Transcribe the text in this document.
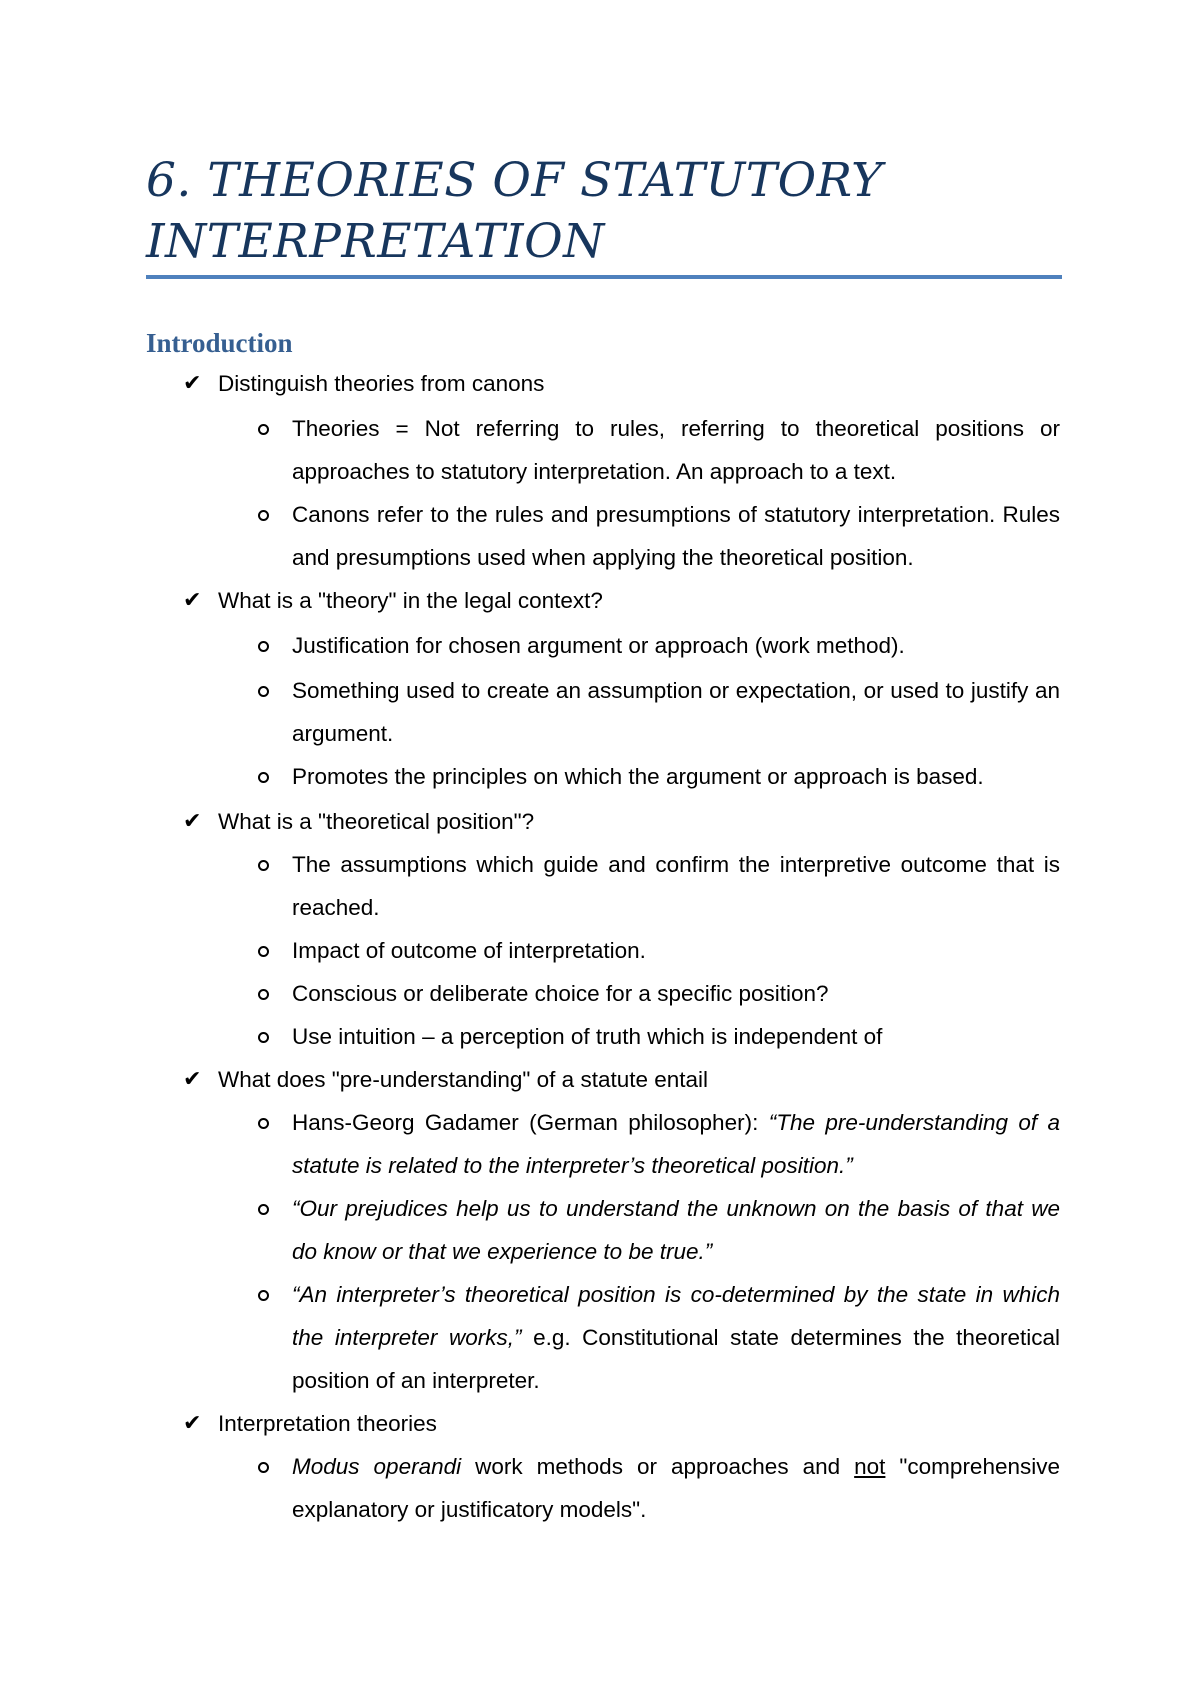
6. THEORIES OF STATUTORY
INTERPRETATION
Introduction
✔ Distinguish theories from canons
Theories = Not referring to rules, referring to theoretical positions or approaches to statutory interpretation. An approach to a text.
Canons refer to the rules and presumptions of statutory interpretation. Rules and presumptions used when applying the theoretical position.
✔ What is a "theory" in the legal context?
Justification for chosen argument or approach (work method).
Something used to create an assumption or expectation, or used to justify an argument.
Promotes the principles on which the argument or approach is based.
✔ What is a "theoretical position"?
The assumptions which guide and confirm the interpretive outcome that is reached.
Impact of outcome of interpretation.
Conscious or deliberate choice for a specific position?
Use intuition – a perception of truth which is independent of
✔ What does "pre-understanding" of a statute entail
Hans-Georg Gadamer (German philosopher): “The pre-understanding of a statute is related to the interpreter’s theoretical position.”
“Our prejudices help us to understand the unknown on the basis of that we do know or that we experience to be true.”
“An interpreter’s theoretical position is co-determined by the state in which the interpreter works,” e.g. Constitutional state determines the theoretical position of an interpreter.
✔ Interpretation theories
Modus operandi work methods or approaches and not "comprehensive explanatory or justificatory models".
